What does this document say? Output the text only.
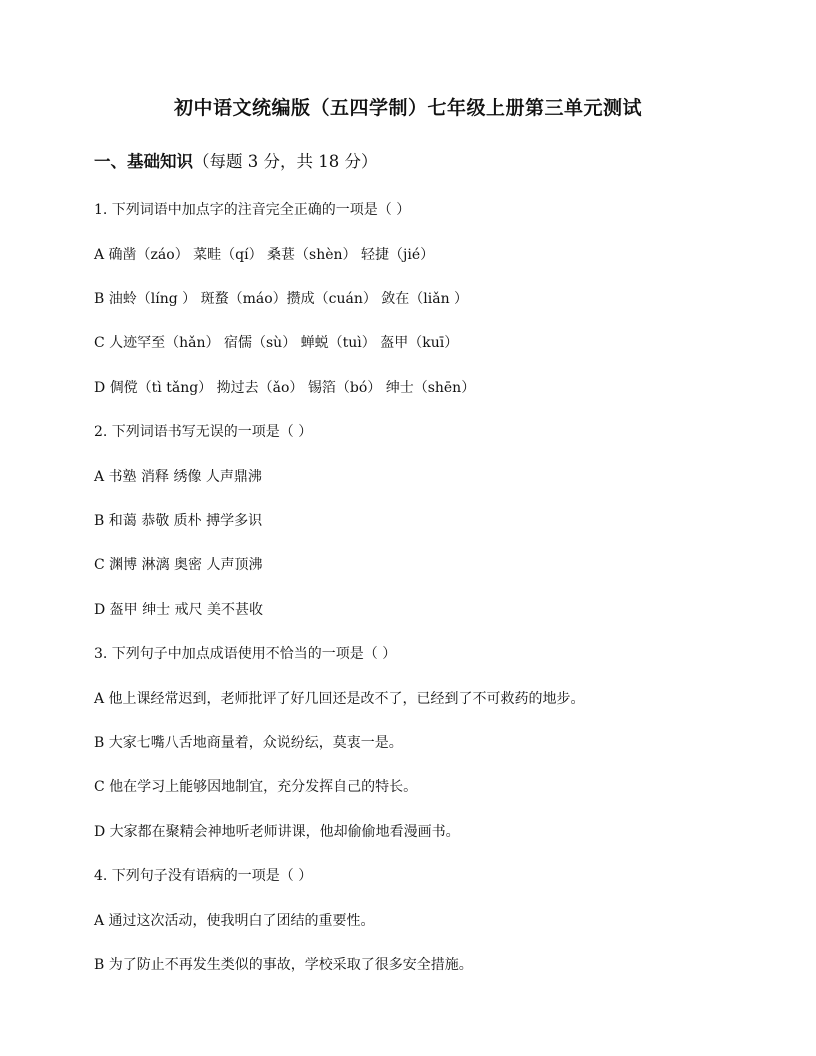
初中语文统编版（五四学制）七年级上册第三单元测试
一、基础知识（每题 3 分，共 18 分）
1. 下列词语中加点字的注音完全正确的一项是（ ）
A 确凿（záo） 菜畦（qí） 桑葚（shèn） 轻捷（jié）
B 油蛉（líng ） 斑蝥（máo）攒成（cuán） 敛在（liǎn ）
C 人迹罕至（hǎn） 宿儒（sù） 蝉蜕（tuì） 盔甲（kuī）
D 倜傥（tì tǎng） 拗过去（ǎo） 锡箔（bó） 绅士（shēn）
2. 下列词语书写无误的一项是（ ）
A 书塾 消释 绣像 人声鼎沸
B 和蔼 恭敬 质朴 搏学多识
C 渊博 淋漓 奥密 人声顶沸
D 盔甲 绅士 戒尺 美不甚收
3. 下列句子中加点成语使用不恰当的一项是（ ）
A 他上课经常迟到，老师批评了好几回还是改不了，已经到了不可救药的地步。
B 大家七嘴八舌地商量着，众说纷纭，莫衷一是。
C 他在学习上能够因地制宜，充分发挥自己的特长。
D 大家都在聚精会神地听老师讲课，他却偷偷地看漫画书。
4. 下列句子没有语病的一项是（ ）
A 通过这次活动，使我明白了团结的重要性。
B 为了防止不再发生类似的事故，学校采取了很多安全措施。
